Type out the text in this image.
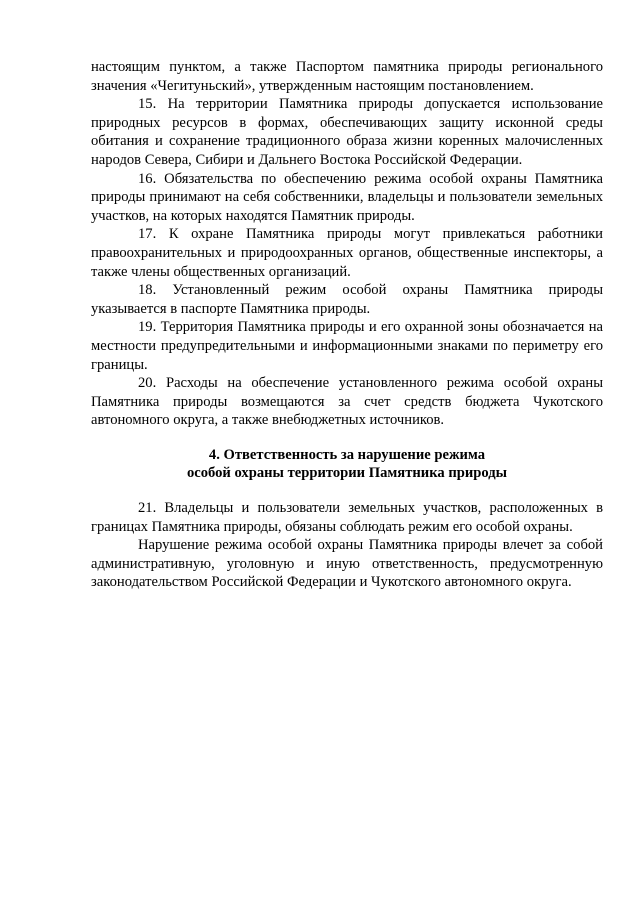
настоящим пунктом, а также Паспортом памятника природы регионального значения «Чегитуньский», утвержденным настоящим постановлением.

15. На территории Памятника природы допускается использование природных ресурсов в формах, обеспечивающих защиту исконной среды обитания и сохранение традиционного образа жизни коренных малочисленных народов Севера, Сибири и Дальнего Востока Российской Федерации.

16. Обязательства по обеспечению режима особой охраны Памятника природы принимают на себя собственники, владельцы и пользователи земельных участков, на которых находятся Памятник природы.

17. К охране Памятника природы могут привлекаться работники правоохранительных и природоохранных органов, общественные инспекторы, а также члены общественных организаций.

18. Установленный режим особой охраны Памятника природы указывается в паспорте Памятника природы.

19. Территория Памятника природы и его охранной зоны обозначается на местности предупредительными и информационными знаками по периметру его границы.

20. Расходы на обеспечение установленного режима особой охраны Памятника природы возмещаются за счет средств бюджета Чукотского автономного округа, а также внебюджетных источников.

4. Ответственность за нарушение режима

особой охраны территории Памятника природы

21. Владельцы и пользователи земельных участков, расположенных в границах Памятника природы, обязаны соблюдать режим его особой охраны.

Нарушение режима особой охраны Памятника природы влечет за собой административную, уголовную и иную ответственность, предусмотренную законодательством Российской Федерации и Чукотского автономного округа.
